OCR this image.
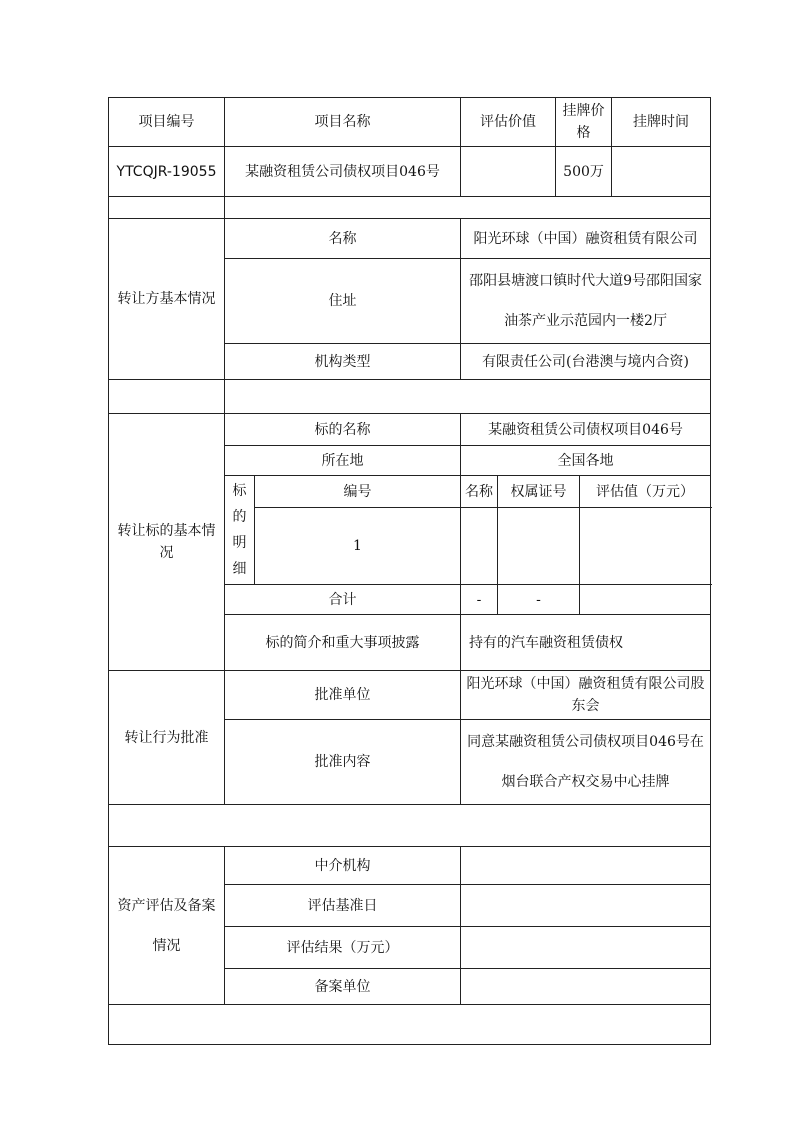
项目编号	项目名称		评估价值		挂牌价格		挂牌时间
YTCQJR-19055	某融资租赁公司债权项目046号				500万		

转让方基本情况	名称		阳光环球（中国）融资租赁有限公司				
	住址		邵阳县塘渡口镇时代大道9号邵阳国家油茶产业示范园内一楼2厅				
	机构类型		有限责任公司(台港澳与境内合资)				

转让标的基本情况	标的名称		某融资租赁公司债权项目046号				
	所在地		全国各地				
	标的明细	编号	名称	权属证号		评估值（万元）	
		1					
	合计		-	-			
	标的简介和重大事项披露		持有的汽车融资租赁债权				

转让行为批准	批准单位		阳光环球（中国）融资租赁有限公司股东会				
	批准内容		同意某融资租赁公司债权项目046号在烟台联合产权交易中心挂牌				

资产评估及备案情况	中介机构						
	评估基准日						
	评估结果（万元）						
	备案单位						
